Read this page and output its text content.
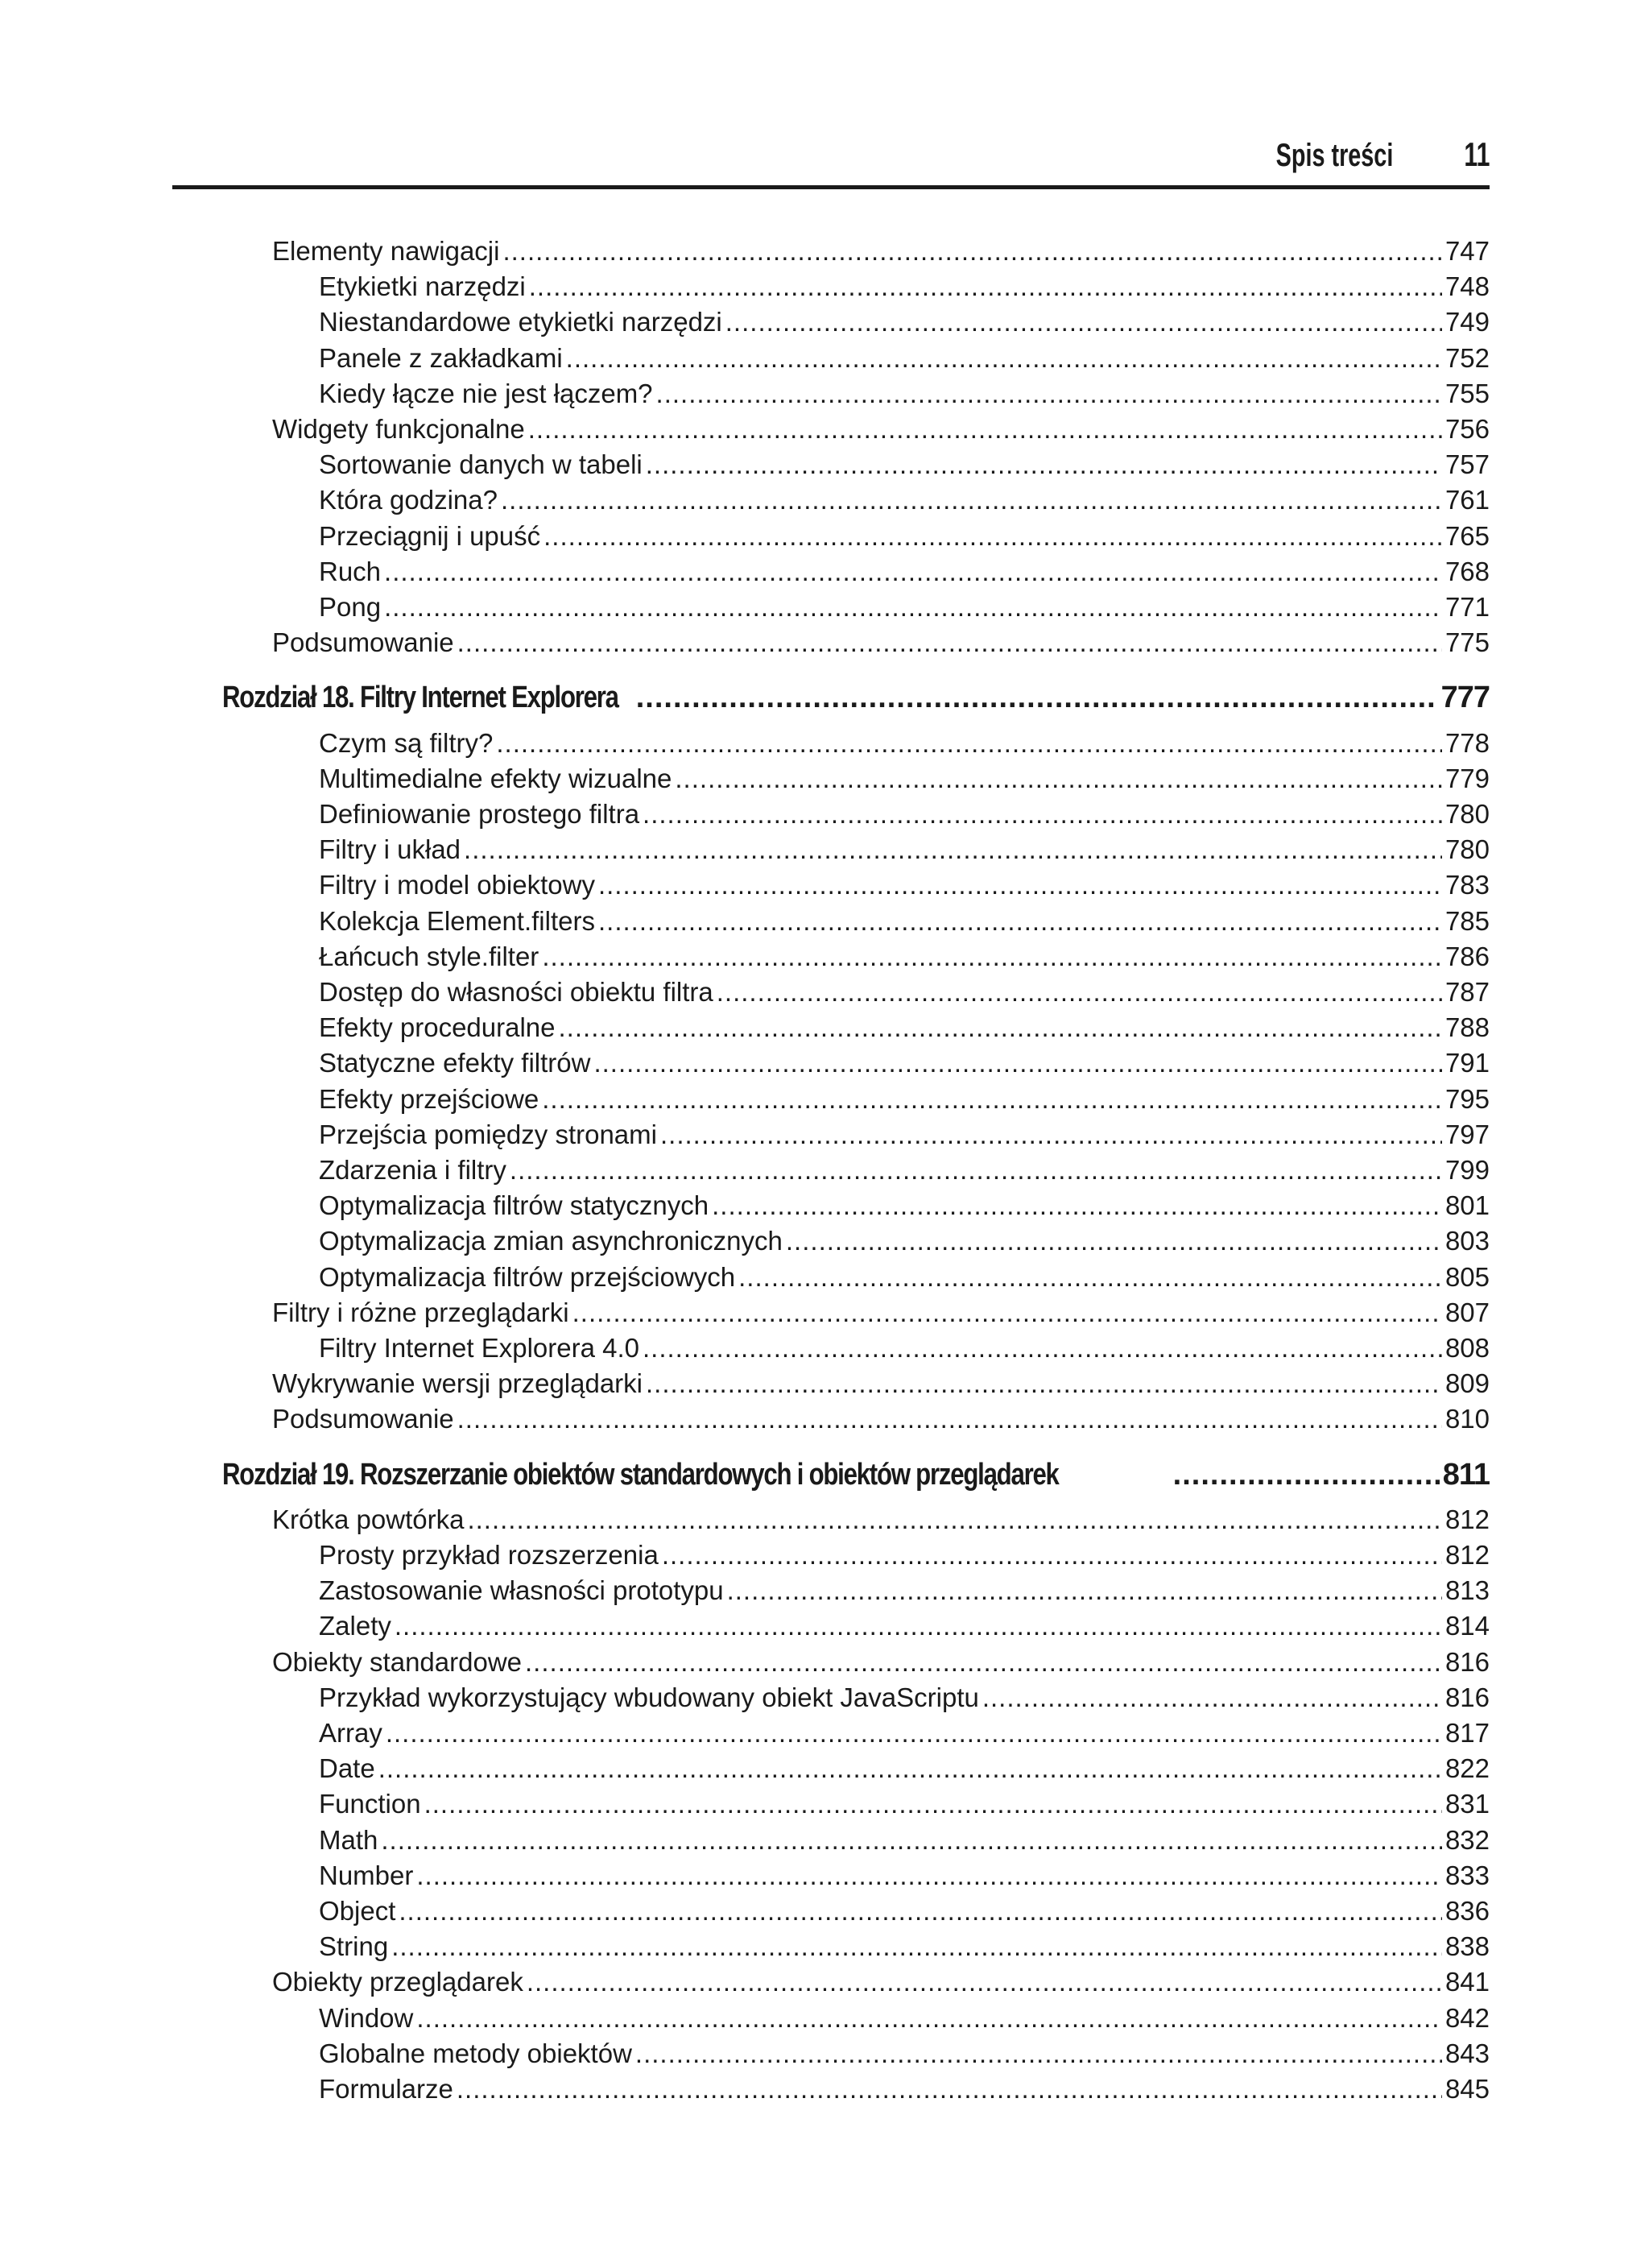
Spis treści 11
Elementy nawigacji .....	747
Etykietki narzędzi .....	748
Niestandardowe etykietki narzędzi .....	749
Panele z zakładkami .....	752
Kiedy łącze nie jest łączem? .....	755
Widgety funkcjonalne .....	756
Sortowanie danych w tabeli .....	757
Która godzina? .....	761
Przeciągnij i upuść .....	765
Ruch .....	768
Pong .....	771
Podsumowanie .....	775
Rozdział 18. Filtry Internet Explorera .....	777
Czym są filtry? .....	778
Multimedialne efekty wizualne .....	779
Definiowanie prostego filtra .....	780
Filtry i układ .....	780
Filtry i model obiektowy .....	783
Kolekcja Element.filters .....	785
Łańcuch style.filter .....	786
Dostęp do własności obiektu filtra .....	787
Efekty proceduralne .....	788
Statyczne efekty filtrów .....	791
Efekty przejściowe .....	795
Przejścia pomiędzy stronami .....	797
Zdarzenia i filtry .....	799
Optymalizacja filtrów statycznych .....	801
Optymalizacja zmian asynchronicznych .....	803
Optymalizacja filtrów przejściowych .....	805
Filtry i różne przeglądarki .....	807
Filtry Internet Explorera 4.0 .....	808
Wykrywanie wersji przeglądarki .....	809
Podsumowanie .....	810
Rozdział 19. Rozszerzanie obiektów standardowych i obiektów przeglądarek .....	811
Krótka powtórka .....	812
Prosty przykład rozszerzenia .....	812
Zastosowanie własności prototypu .....	813
Zalety .....	814
Obiekty standardowe .....	816
Przykład wykorzystujący wbudowany obiekt JavaScriptu .....	816
Array .....	817
Date .....	822
Function .....	831
Math .....	832
Number .....	833
Object .....	836
String .....	838
Obiekty przeglądarek .....	841
Window .....	842
Globalne metody obiektów .....	843
Formularze .....	845
